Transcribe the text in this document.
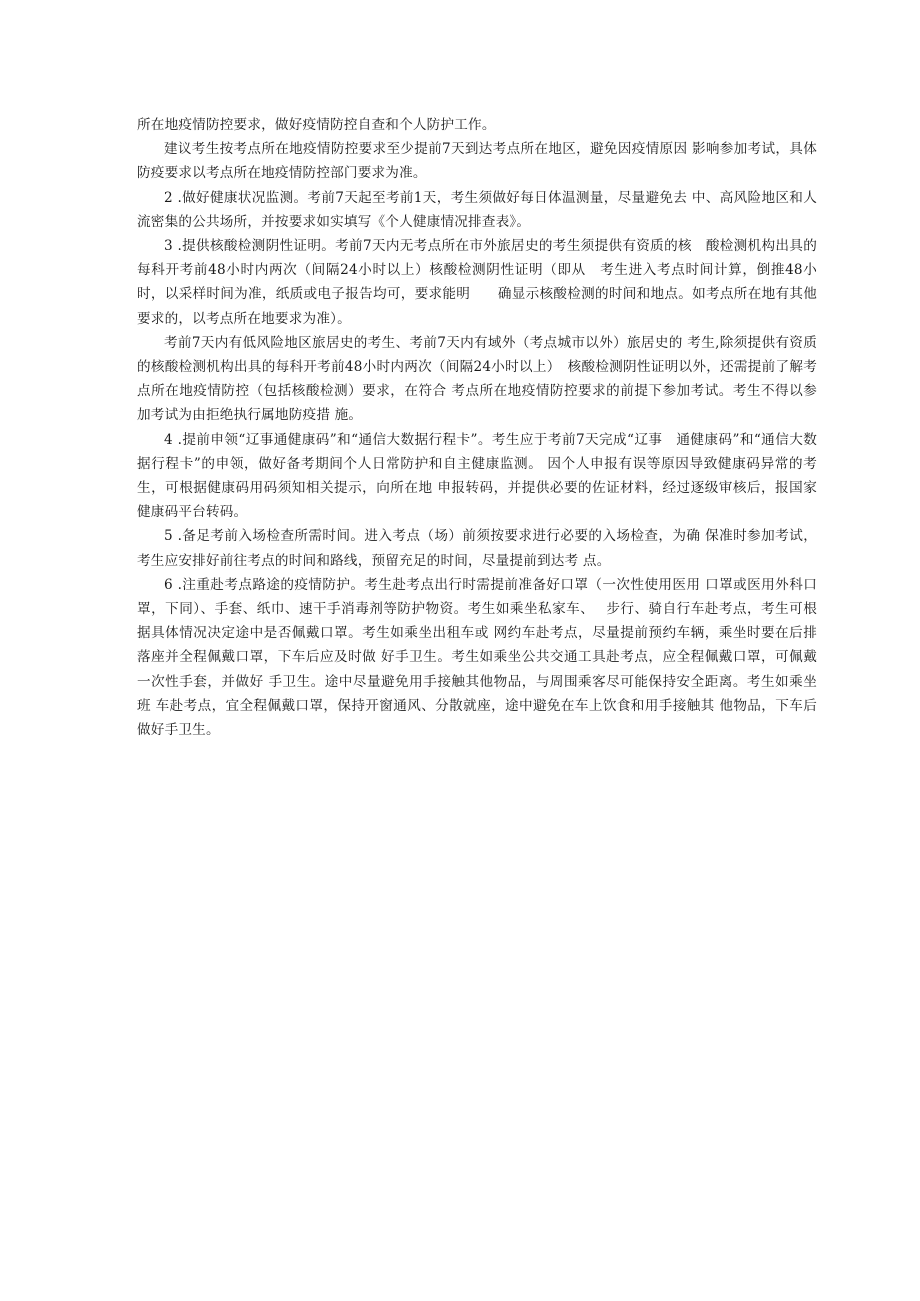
所在地疫情防控要求，做好疫情防控自查和个人防护工作。

建议考生按考点所在地疫情防控要求至少提前7天到达考点所在地区，避免因疫情原因 影响参加考试，具体防疫要求以考点所在地疫情防控部门要求为准。

2 .做好健康状况监测。考前7天起至考前1天，考生须做好每日体温测量，尽量避免去 中、高风险地区和人流密集的公共场所，并按要求如实填写《个人健康情况排查表》。

3 .提供核酸检测阴性证明。考前7天内无考点所在市外旅居史的考生须提供有资质的核　酸检测机构出具的每科开考前48小时内两次（间隔24小时以上）核酸检测阴性证明（即从　考生进入考点时间计算，倒推48小时，以采样时间为准，纸质或电子报告均可，要求能明　　确显示核酸检测的时间和地点。如考点所在地有其他要求的，以考点所在地要求为准）。

考前7天内有低风险地区旅居史的考生、考前7天内有域外（考点城市以外）旅居史的 考生,除须提供有资质的核酸检测机构出具的每科开考前48小时内两次（间隔24小时以上）　核酸检测阴性证明以外，还需提前了解考点所在地疫情防控（包括核酸检测）要求，在符合 考点所在地疫情防控要求的前提下参加考试。考生不得以参加考试为由拒绝执行属地防疫措 施。

4 .提前申领“辽事通健康码”和“通信大数据行程卡”。考生应于考前7天完成“辽事　通健康码”和“通信大数据行程卡”的申领，做好备考期间个人日常防护和自主健康监测。 因个人申报有误等原因导致健康码异常的考生，可根据健康码用码须知相关提示，向所在地 申报转码，并提供必要的佐证材料，经过逐级审核后，报国家健康码平台转码。

5 .备足考前入场检查所需时间。进入考点（场）前须按要求进行必要的入场检查，为确 保准时参加考试，考生应安排好前往考点的时间和路线，预留充足的时间，尽量提前到达考 点。

6 .注重赴考点路途的疫情防护。考生赴考点出行时需提前准备好口罩（一次性使用医用 口罩或医用外科口罩，下同）、手套、纸巾、速干手消毒剂等防护物资。考生如乘坐私家车、　 步行、骑自行车赴考点，考生可根据具体情况决定途中是否佩戴口罩。考生如乘坐出租车或 网约车赴考点，尽量提前预约车辆，乘坐时要在后排落座并全程佩戴口罩，下车后应及时做 好手卫生。考生如乘坐公共交通工具赴考点，应全程佩戴口罩，可佩戴一次性手套，并做好 手卫生。途中尽量避免用手接触其他物品，与周围乘客尽可能保持安全距离。考生如乘坐班 车赴考点，宜全程佩戴口罩，保持开窗通风、分散就座，途中避免在车上饮食和用手接触其 他物品，下车后做好手卫生。
